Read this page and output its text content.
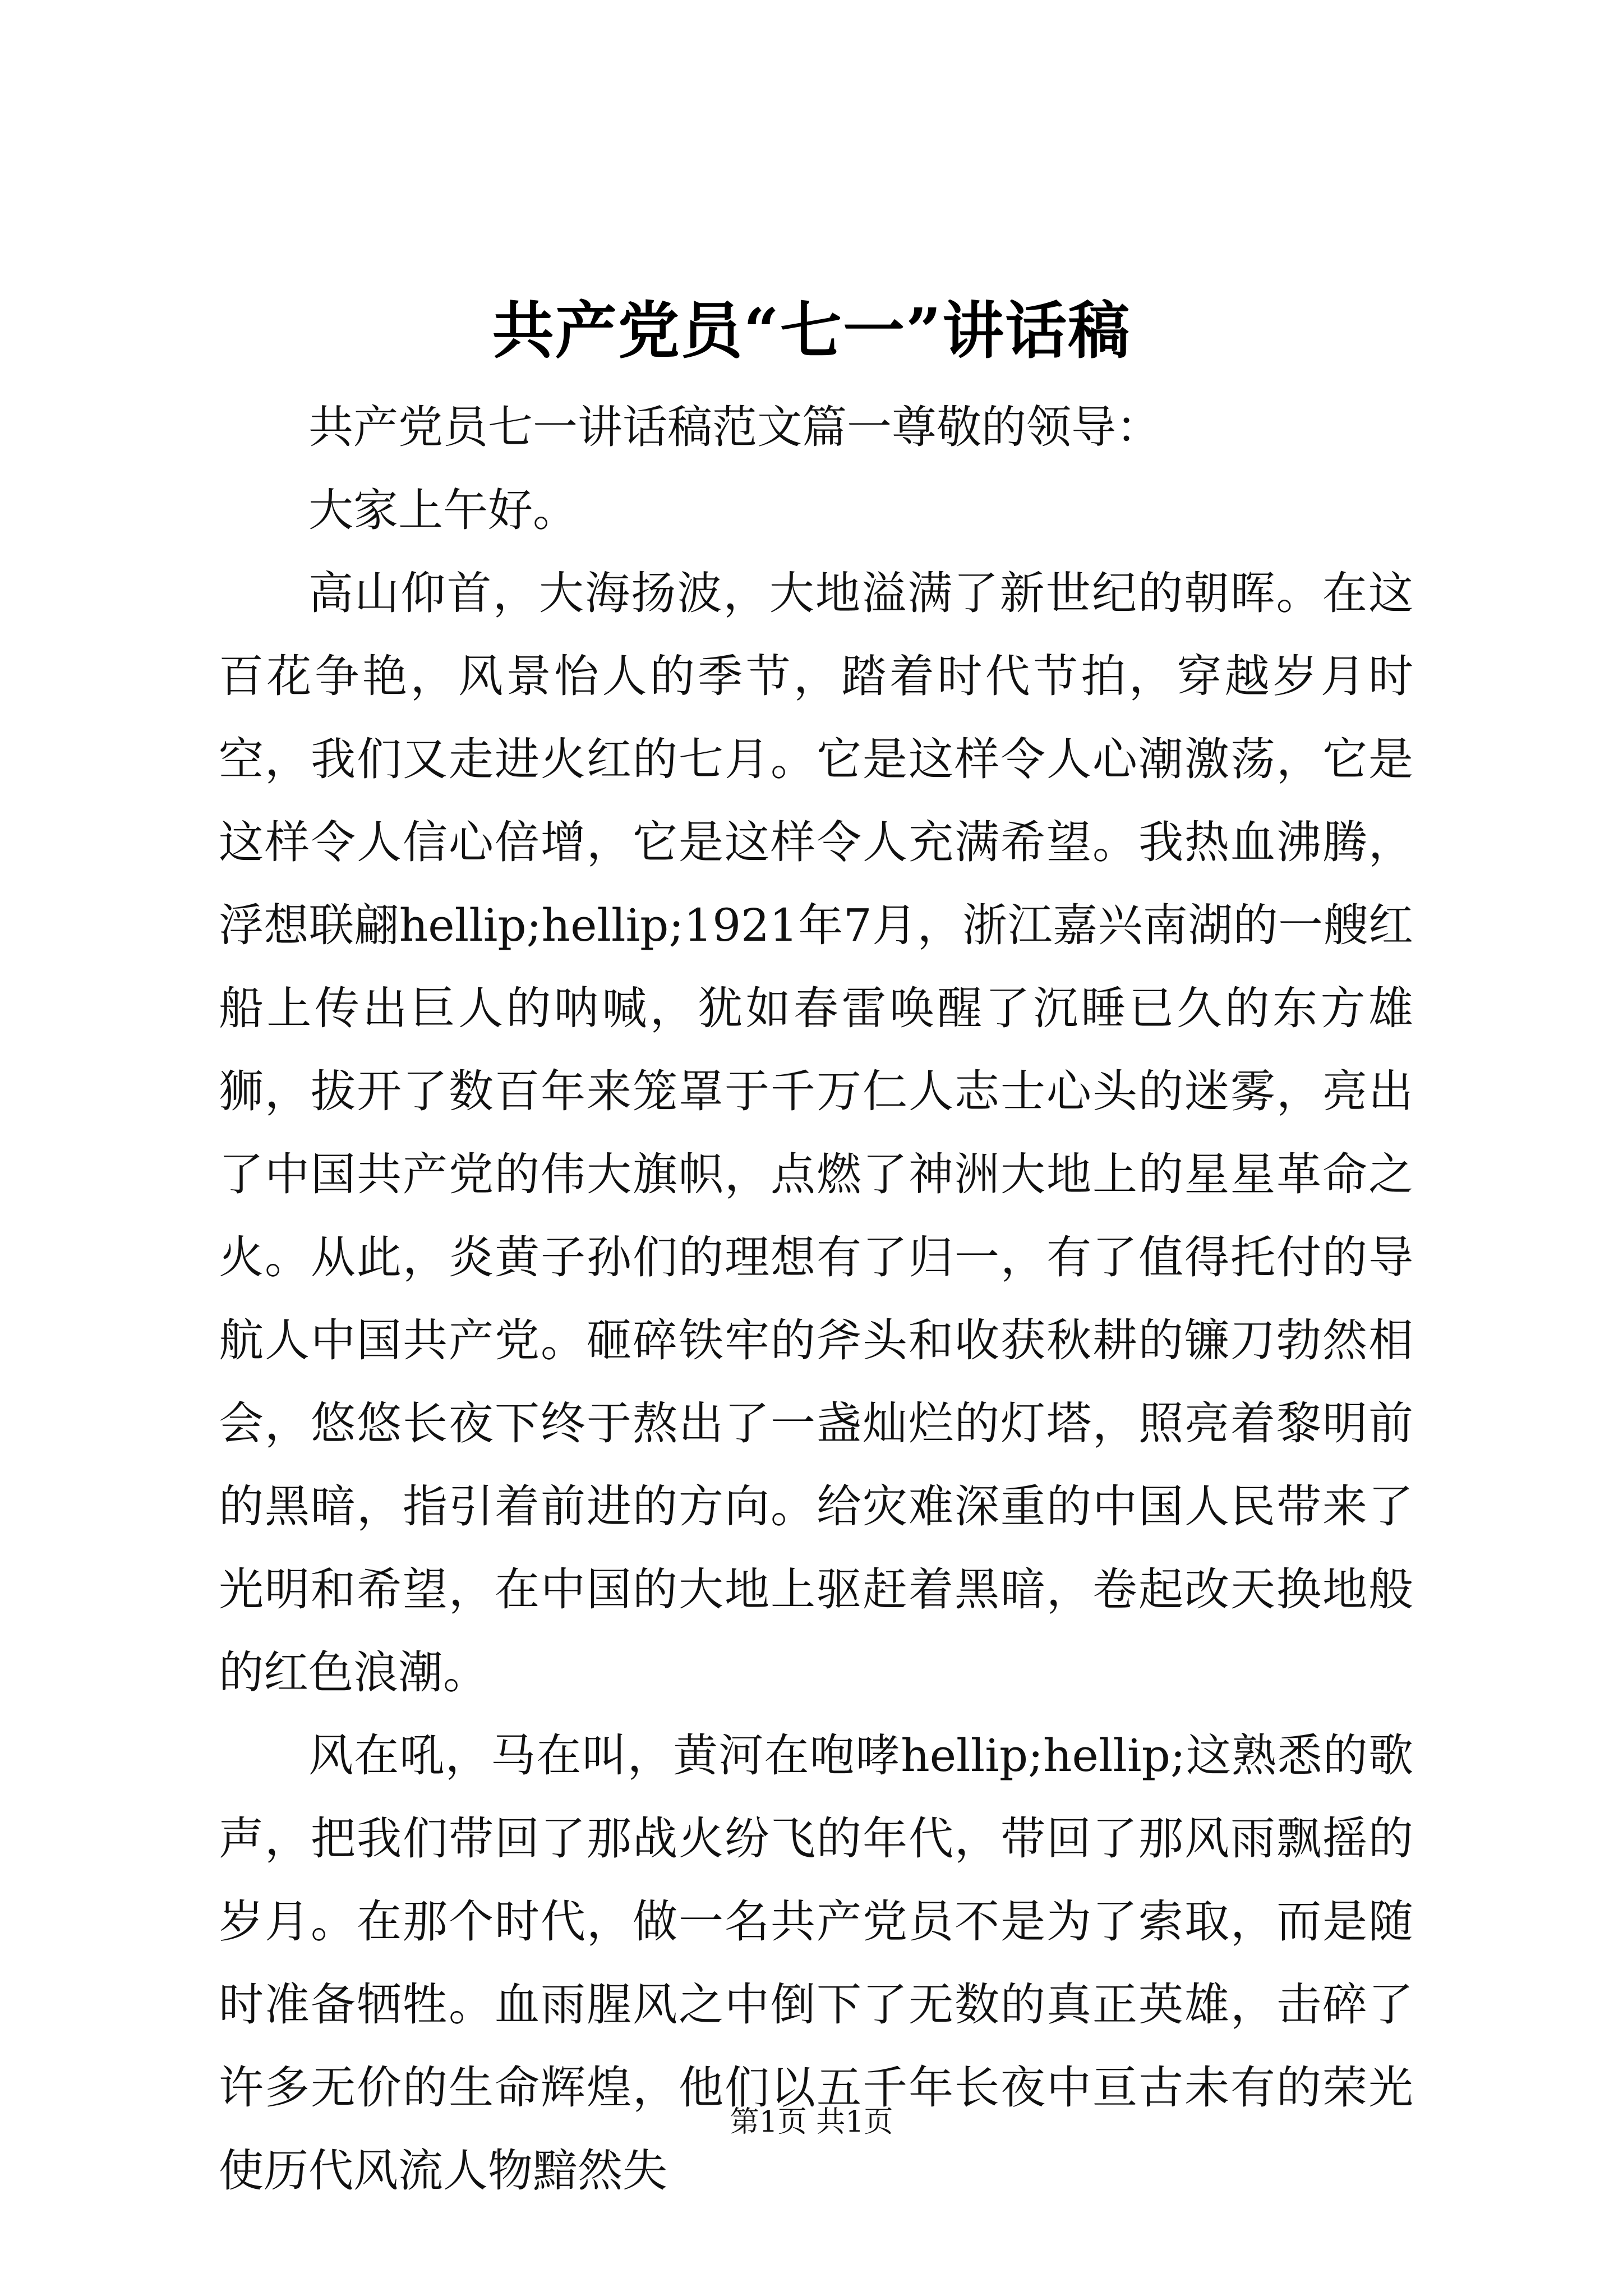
共产党员“七一”讲话稿

共产党员七一讲话稿范文篇一尊敬的领导：

大家上午好。

高山仰首，大海扬波，大地溢满了新世纪的朝晖。在这百花争艳，风景怡人的季节，踏着时代节拍，穿越岁月时空，我们又走进火红的七月。它是这样令人心潮激荡，它是这样令人信心倍增，它是这样令人充满希望。我热血沸腾，浮想联翩hellip;hellip;1921年7月，浙江嘉兴南湖的一艘红船上传出巨人的呐喊，犹如春雷唤醒了沉睡已久的东方雄狮，拔开了数百年来笼罩于千万仁人志士心头的迷雾，亮出了中国共产党的伟大旗帜，点燃了神洲大地上的星星革命之火。从此，炎黄子孙们的理想有了归一，有了值得托付的导航人中国共产党。砸碎铁牢的斧头和收获秋耕的镰刀勃然相会，悠悠长夜下终于熬出了一盏灿烂的灯塔，照亮着黎明前的黑暗，指引着前进的方向。给灾难深重的中国人民带来了光明和希望，在中国的大地上驱赶着黑暗，卷起改天换地般的红色浪潮。

风在吼，马在叫，黄河在咆哮hellip;hellip;这熟悉的歌声，把我们带回了那战火纷飞的年代，带回了那风雨飘摇的岁月。在那个时代，做一名共产党员不是为了索取，而是随时准备牺牲。血雨腥风之中倒下了无数的真正英雄，击碎了许多无价的生命辉煌，他们以五千年长夜中亘古未有的荣光使历代风流人物黯然失

第1页 共1页
